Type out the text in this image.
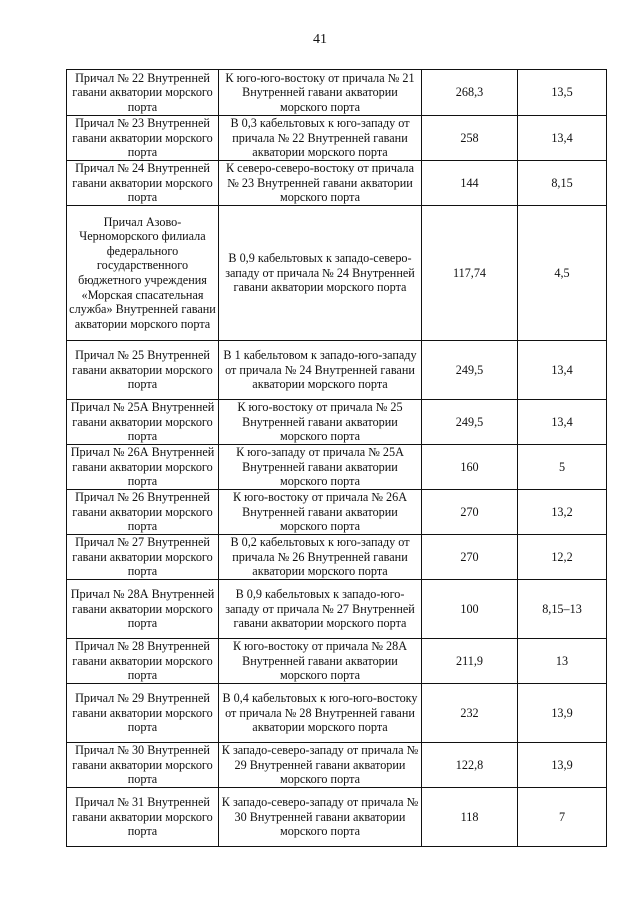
41
Причал № 22 Внутренней гавани акватории морского порта	К юго-юго-востоку от причала № 21 Внутренней гавани акватории морского порта	268,3	13,5
Причал № 23 Внутренней гавани акватории морского порта	В 0,3 кабельтовых к юго-западу от причала № 22 Внутренней гавани акватории морского порта	258	13,4
Причал № 24 Внутренней гавани акватории морского порта	К северо-северо-востоку от причала № 23 Внутренней гавани акватории морского порта	144	8,15
Причал Азово-Черноморского филиала федерального государственного бюджетного учреждения «Морская спасательная служба» Внутренней гавани акватории морского порта	В 0,9 кабельтовых к западо-северо-западу от причала № 24 Внутренней гавани акватории морского порта	117,74	4,5
Причал № 25 Внутренней гавани акватории морского порта	В 1 кабельтовом к западо-юго-западу от причала № 24 Внутренней гавани акватории морского порта	249,5	13,4
Причал № 25А Внутренней гавани акватории морского порта	К юго-востоку от причала № 25 Внутренней гавани акватории морского порта	249,5	13,4
Причал № 26А Внутренней гавани акватории морского порта	К юго-западу от причала № 25А Внутренней гавани акватории морского порта	160	5
Причал № 26 Внутренней гавани акватории морского порта	К юго-востоку от причала № 26А Внутренней гавани акватории морского порта	270	13,2
Причал № 27 Внутренней гавани акватории морского порта	В 0,2 кабельтовых к юго-западу от причала № 26 Внутренней гавани акватории морского порта	270	12,2
Причал № 28А Внутренней гавани акватории морского порта	В 0,9 кабельтовых к западо-юго-западу от причала № 27 Внутренней гавани акватории морского порта	100	8,15–13
Причал № 28 Внутренней гавани акватории морского порта	К юго-востоку от причала № 28А Внутренней гавани акватории морского порта	211,9	13
Причал № 29 Внутренней гавани акватории морского порта	В 0,4 кабельтовых к юго-юго-востоку от причала № 28 Внутренней гавани акватории морского порта	232	13,9
Причал № 30 Внутренней гавани акватории морского порта	К западо-северо-западу от причала № 29 Внутренней гавани акватории морского порта	122,8	13,9
Причал № 31 Внутренней гавани акватории морского порта	К западо-северо-западу от причала № 30 Внутренней гавани акватории морского порта	118	7
